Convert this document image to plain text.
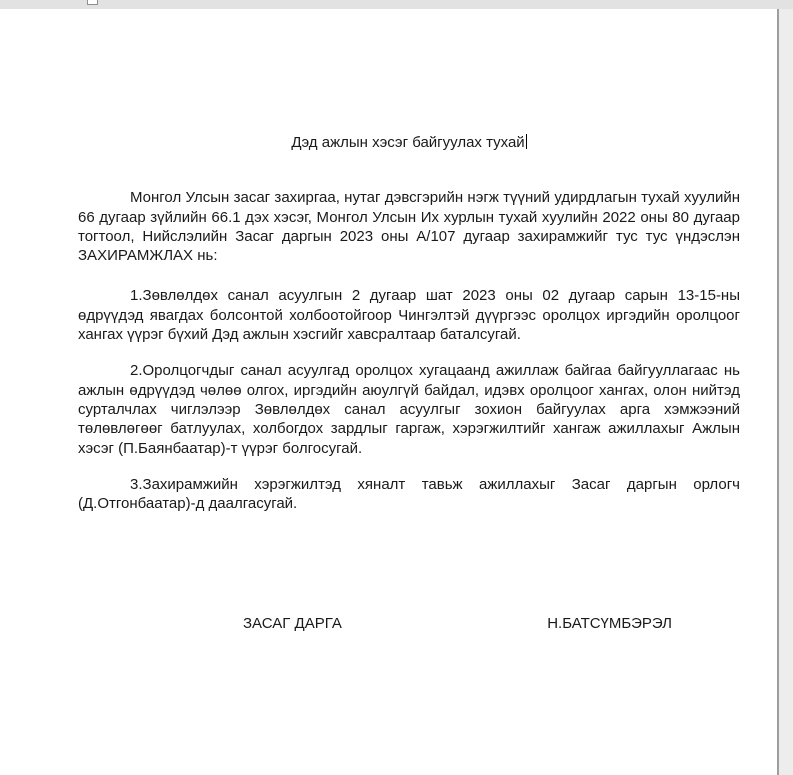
Дэд ажлын хэсэг байгуулах тухай

Монгол Улсын засаг захиргаа, нутаг дэвсгэрийн нэгж түүний удирдлагын тухай хуулийн 66 дугаар зүйлийн 66.1 дэх хэсэг, Монгол Улсын Их хурлын тухай хуулийн 2022 оны 80 дугаар тогтоол, Нийслэлийн Засаг даргын 2023 оны А/107 дугаар захирамжийг тус тус үндэслэн ЗАХИРАМЖЛАХ нь:

1.Зөвлөлдөх санал асуулгын 2 дугаар шат 2023 оны 02 дугаар сарын 13-15-ны өдрүүдэд явагдах болсонтой холбоотойгоор Чингэлтэй дүүргээс оролцох иргэдийн оролцоог хангах үүрэг бүхий Дэд ажлын хэсгийг хавсралтаар баталсугай.

2.Оролцогчдыг санал асуулгад оролцох хугацаанд ажиллаж байгаа байгууллагаас нь ажлын өдрүүдэд чөлөө олгох, иргэдийн аюулгүй байдал, идэвх оролцоог хангах, олон нийтэд сурталчлах чиглэлээр Зөвлөлдөх санал асуулгыг зохион байгуулах арга хэмжээний төлөвлөгөөг батлуулах, холбогдох зардлыг гаргаж, хэрэгжилтийг хангаж ажиллахыг Ажлын хэсэг (П.Баянбаатар)-т үүрэг болгосугай.

3.Захирамжийн хэрэгжилтэд хяналт тавьж ажиллахыг Засаг даргын орлогч (Д.Отгонбаатар)-д даалгасугай.

ЗАСАГ ДАРГА	Н.БАТСҮМБЭРЭЛ
